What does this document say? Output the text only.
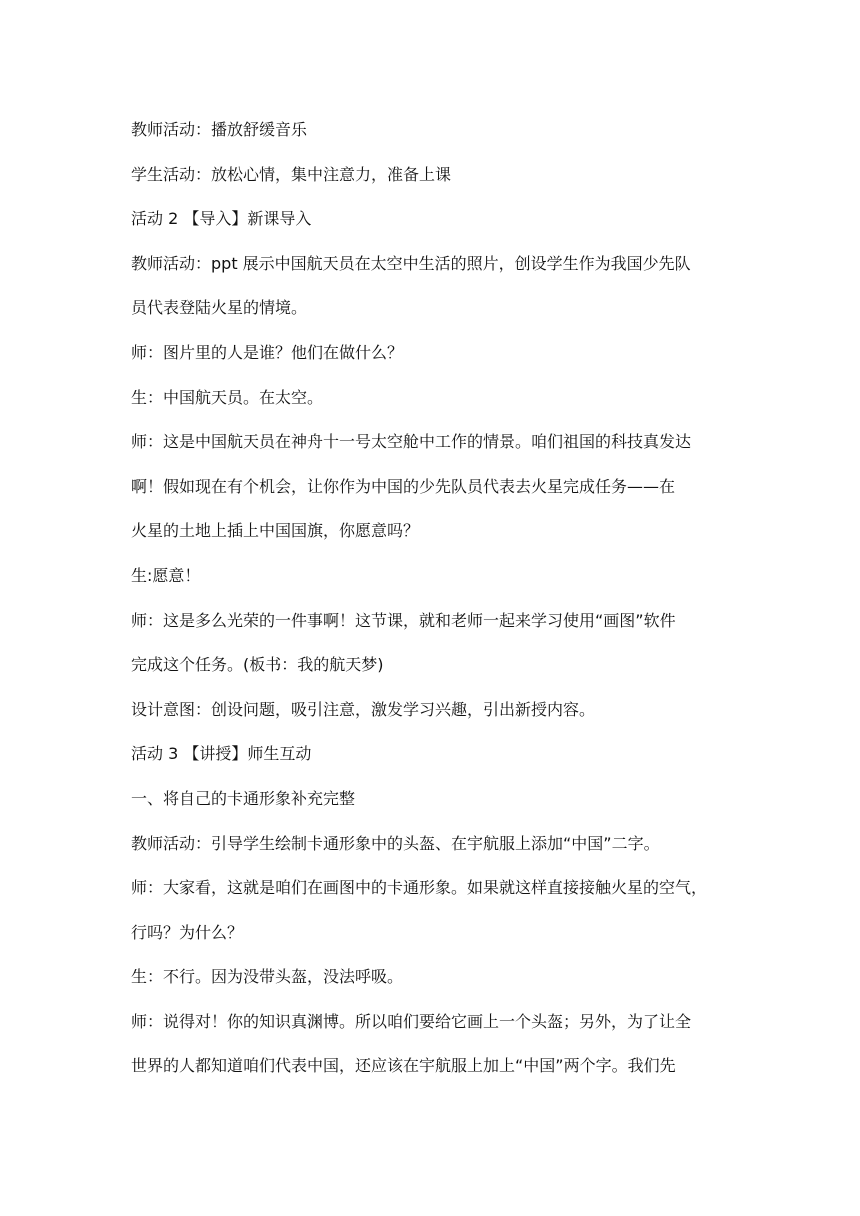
教师活动：播放舒缓音乐

学生活动：放松心情，集中注意力，准备上课

活动 2 【导入】新课导入

教师活动：ppt 展示中国航天员在太空中生活的照片，创设学生作为我国少先队

员代表登陆火星的情境。

师：图片里的人是谁？他们在做什么？

生：中国航天员。在太空。

师：这是中国航天员在神舟十一号太空舱中工作的情景。咱们祖国的科技真发达

啊！假如现在有个机会，让你作为中国的少先队员代表去火星完成任务——在

火星的土地上插上中国国旗，你愿意吗？

生:愿意！

师：这是多么光荣的一件事啊！这节课，就和老师一起来学习使用“画图”软件

完成这个任务。(板书：我的航天梦)

设计意图：创设问题，吸引注意，激发学习兴趣，引出新授内容。

活动 3 【讲授】师生互动

一、将自己的卡通形象补充完整

教师活动：引导学生绘制卡通形象中的头盔、在宇航服上添加“中国”二字。

师：大家看，这就是咱们在画图中的卡通形象。如果就这样直接接触火星的空气，

行吗？为什么？

生：不行。因为没带头盔，没法呼吸。

师：说得对！你的知识真渊博。所以咱们要给它画上一个头盔；另外，为了让全

世界的人都知道咱们代表中国，还应该在宇航服上加上“中国”两个字。我们先
